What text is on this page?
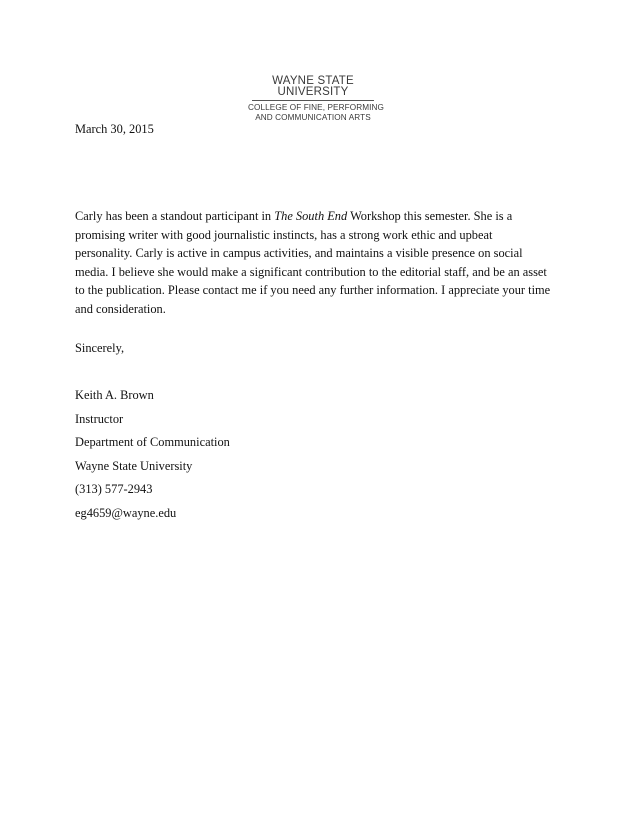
WAYNE STATE
UNIVERSITY
COLLEGE OF FINE, PERFORMING
AND COMMUNICATION ARTS
March 30, 2015
Carly has been a standout participant in The South End Workshop this semester. She is a
promising writer with good journalistic instincts, has a strong work ethic and upbeat
personality. Carly is active in campus activities, and maintains a visible presence on social
media. I believe she would make a significant contribution to the editorial staff, and be an asset
to the publication. Please contact me if you need any further information. I appreciate your time
and consideration.
Sincerely,
Keith A. Brown
Instructor
Department of Communication
Wayne State University
(313) 577-2943
eg4659@wayne.edu
